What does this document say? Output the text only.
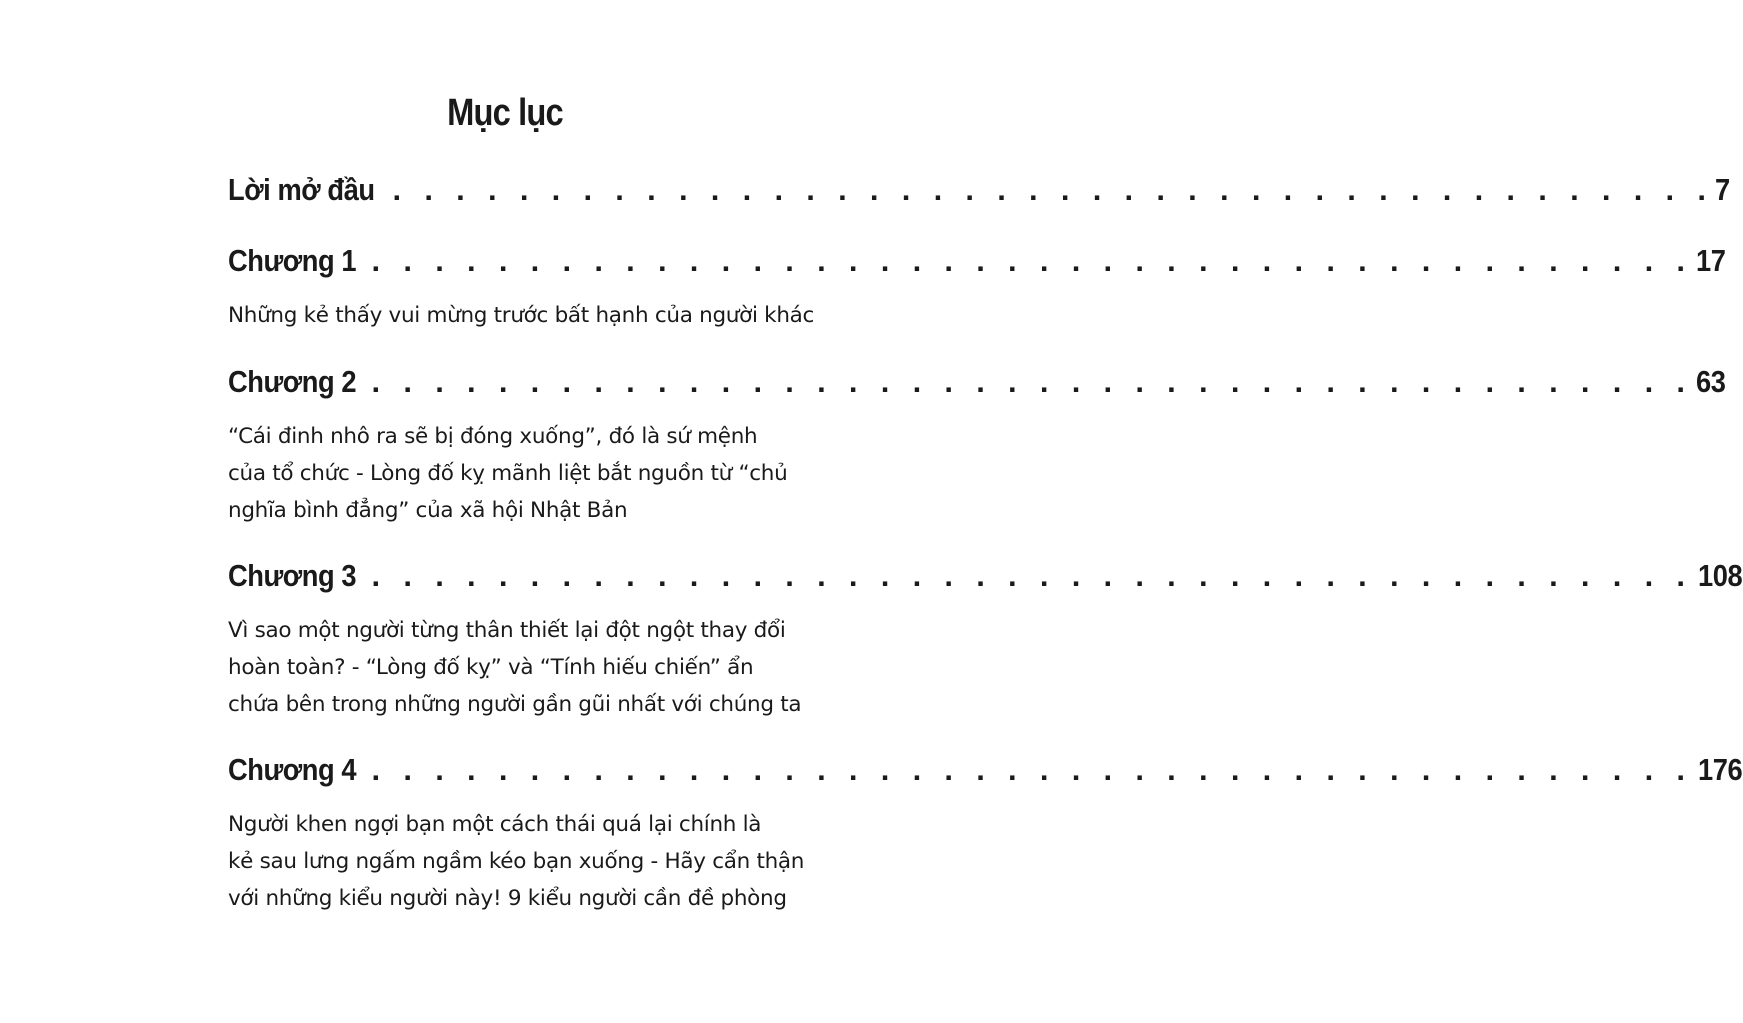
Mục lục
Lời mở đầu . . . . . . . . . . . . . . . . . . . . . . . . . . . . . . . . . . . . . . . . . . 7
Chương 1 . . . . . . . . . . . . . . . . . . . . . . . . . . . . . . . . . . . . . . . . . . 17
Những kẻ thấy vui mừng trước bất hạnh của người khác
Chương 2 . . . . . . . . . . . . . . . . . . . . . . . . . . . . . . . . . . . . . . . . . . 63
“Cái đinh nhô ra sẽ bị đóng xuống”, đó là sứ mệnh
của tổ chức - Lòng đố kỵ mãnh liệt bắt nguồn từ “chủ
nghĩa bình đẳng” của xã hội Nhật Bản
Chương 3 . . . . . . . . . . . . . . . . . . . . . . . . . . . . . . . . . . . . . . . . . . 108
Vì sao một người từng thân thiết lại đột ngột thay đổi
hoàn toàn? - “Lòng đố kỵ” và “Tính hiếu chiến” ẩn
chứa bên trong những người gần gũi nhất với chúng ta
Chương 4 . . . . . . . . . . . . . . . . . . . . . . . . . . . . . . . . . . . . . . . . . . 176
Người khen ngợi bạn một cách thái quá lại chính là
kẻ sau lưng ngấm ngầm kéo bạn xuống - Hãy cẩn thận
với những kiểu người này! 9 kiểu người cần đề phòng
